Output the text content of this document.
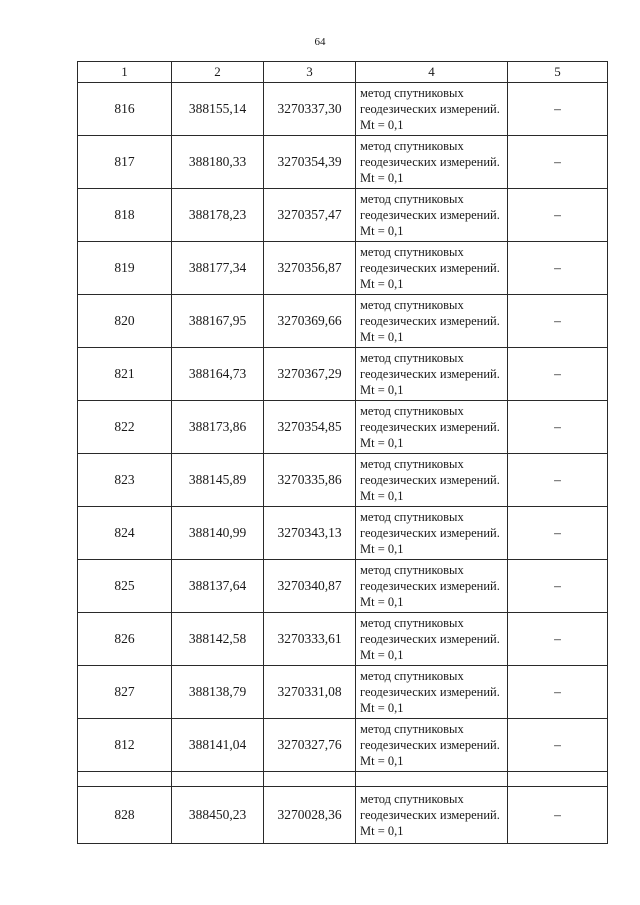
64
1	2	3	4	5
816	388155,14	3270337,30	метод спутниковых геодезических измерений. Mt = 0,1	–
817	388180,33	3270354,39	метод спутниковых геодезических измерений. Mt = 0,1	–
818	388178,23	3270357,47	метод спутниковых геодезических измерений. Mt = 0,1	–
819	388177,34	3270356,87	метод спутниковых геодезических измерений. Mt = 0,1	–
820	388167,95	3270369,66	метод спутниковых геодезических измерений. Mt = 0,1	–
821	388164,73	3270367,29	метод спутниковых геодезических измерений. Mt = 0,1	–
822	388173,86	3270354,85	метод спутниковых геодезических измерений. Mt = 0,1	–
823	388145,89	3270335,86	метод спутниковых геодезических измерений. Mt = 0,1	–
824	388140,99	3270343,13	метод спутниковых геодезических измерений. Mt = 0,1	–
825	388137,64	3270340,87	метод спутниковых геодезических измерений. Mt = 0,1	–
826	388142,58	3270333,61	метод спутниковых геодезических измерений. Mt = 0,1	–
827	388138,79	3270331,08	метод спутниковых геодезических измерений. Mt = 0,1	–
812	388141,04	3270327,76	метод спутниковых геодезических измерений. Mt = 0,1	–

828	388450,23	3270028,36	метод спутниковых геодезических измерений. Mt = 0,1	–
